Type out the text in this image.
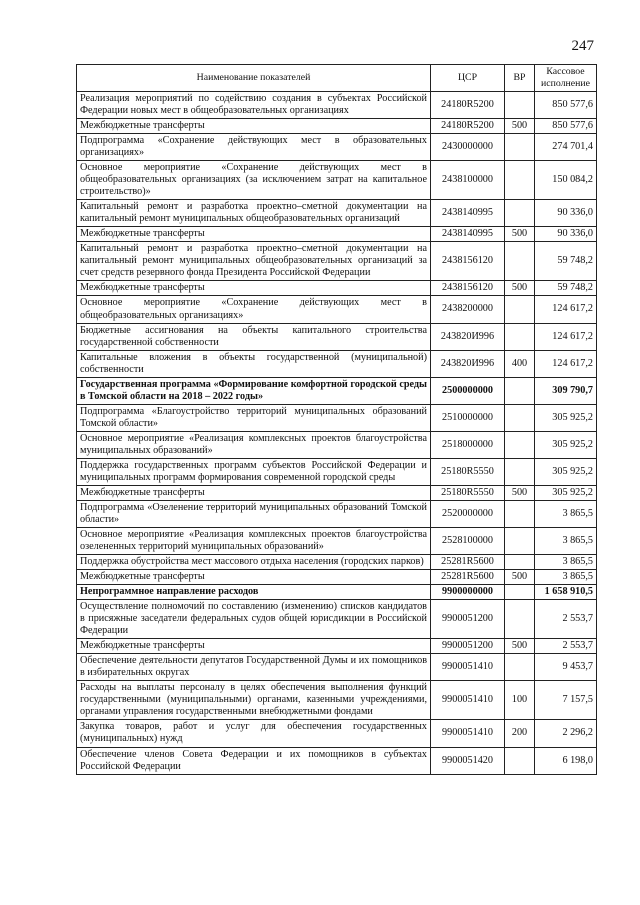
247
Наименование показателей	ЦСР	ВР	Кассовое исполнение
Реализация мероприятий по содействию создания в субъектах Российской Федерации новых мест в общеобразовательных организациях	24180R5200		850 577,6
Межбюджетные трансферты	24180R5200	500	850 577,6
Подпрограмма «Сохранение действующих мест в образовательных организациях»	2430000000		274 701,4
Основное мероприятие «Сохранение действующих мест в общеобразовательных организациях (за исключением затрат на капитальное строительство)»	2438100000		150 084,2
Капитальный ремонт и разработка проектно–сметной документации на капитальный ремонт муниципальных общеобразовательных организаций	2438140995		90 336,0
Межбюджетные трансферты	2438140995	500	90 336,0
Капитальный ремонт и разработка проектно–сметной документации на капитальный ремонт муниципальных общеобразовательных организаций за счет средств резервного фонда Президента Российской Федерации	2438156120		59 748,2
Межбюджетные трансферты	2438156120	500	59 748,2
Основное мероприятие «Сохранение действующих мест в общеобразовательных организациях»	2438200000		124 617,2
Бюджетные ассигнования на объекты капитального строительства государственной собственности	243820И996		124 617,2
Капитальные вложения в объекты государственной (муниципальной) собственности	243820И996	400	124 617,2
Государственная программа «Формирование комфортной городской среды в Томской области на 2018 – 2022 годы»	2500000000		309 790,7
Подпрограмма «Благоустройство территорий муниципальных образований Томской области»	2510000000		305 925,2
Основное мероприятие «Реализация комплексных проектов благоустройства муниципальных образований»	2518000000		305 925,2
Поддержка государственных программ субъектов Российской Федерации и муниципальных программ формирования современной городской среды	25180R5550		305 925,2
Межбюджетные трансферты	25180R5550	500	305 925,2
Подпрограмма «Озеленение территорий муниципальных образований Томской области»	2520000000		3 865,5
Основное мероприятие «Реализация комплексных проектов благоустройства озелененных территорий муниципальных образований»	2528100000		3 865,5
Поддержка обустройства мест массового отдыха населения (городских парков)	25281R5600		3 865,5
Межбюджетные трансферты	25281R5600	500	3 865,5
Непрограммное направление расходов	9900000000		1 658 910,5
Осуществление полномочий по составлению (изменению) списков кандидатов в присяжные заседатели федеральных судов общей юрисдикции в Российской Федерации	9900051200		2 553,7
Межбюджетные трансферты	9900051200	500	2 553,7
Обеспечение деятельности депутатов Государственной Думы и их помощников в избирательных округах	9900051410		9 453,7
Расходы на выплаты персоналу в целях обеспечения выполнения функций государственными (муниципальными) органами, казенными учреждениями, органами управления государственными внебюджетными фондами	9900051410	100	7 157,5
Закупка товаров, работ и услуг для обеспечения государственных (муниципальных) нужд	9900051410	200	2 296,2
Обеспечение членов Совета Федерации и их помощников в субъектах Российской Федерации	9900051420		6 198,0
